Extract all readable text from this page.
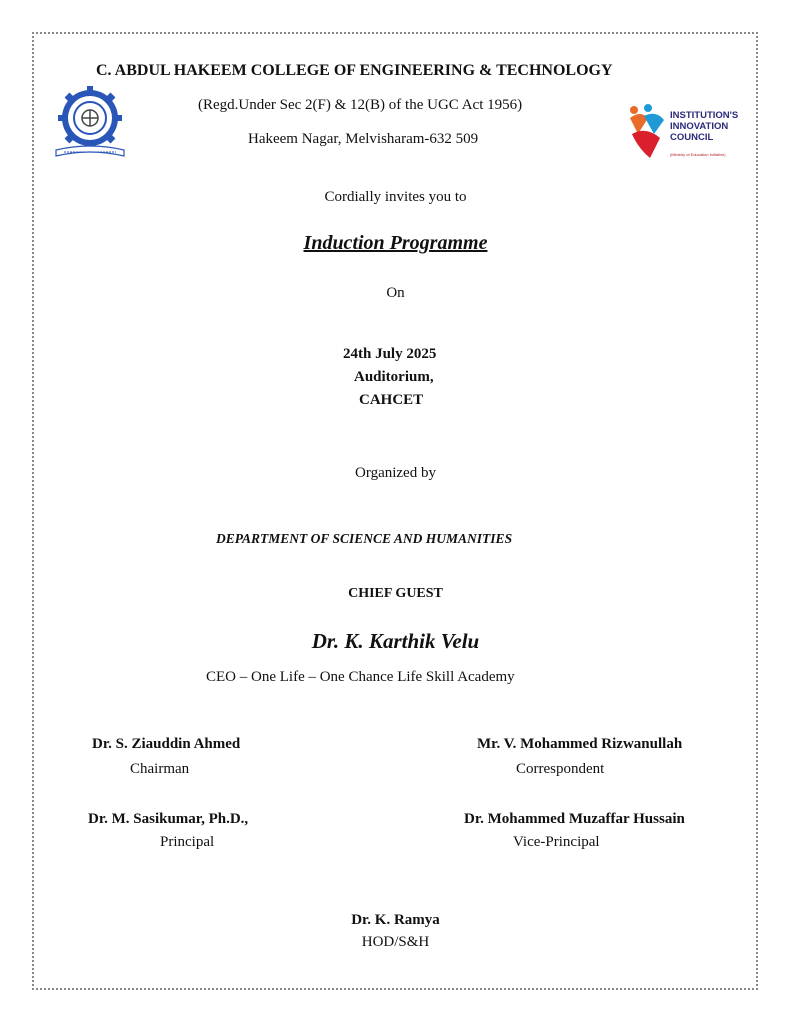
INSTITUTION'S
INNOVATION
COUNCIL
(Ministry of Education Initiative)
C. ABDUL HAKEEM COLLEGE OF ENGINEERING & TECHNOLOGY
(Regd.Under Sec 2(F) & 12(B) of the UGC Act 1956)
Hakeem Nagar, Melvisharam-632 509
Cordially invites you to
Induction Programme
On
24th July 2025
Auditorium,
CAHCET
Organized by
DEPARTMENT OF SCIENCE AND HUMANITIES
CHIEF GUEST
Dr. K. Karthik Velu
CEO – One Life – One Chance Life Skill Academy
Dr. S. Ziauddin Ahmed
Chairman
Mr. V. Mohammed Rizwanullah
Correspondent
Dr. M. Sasikumar, Ph.D.,
Principal
Dr. Mohammed Muzaffar Hussain
Vice-Principal
Dr. K. Ramya
HOD/S&H
